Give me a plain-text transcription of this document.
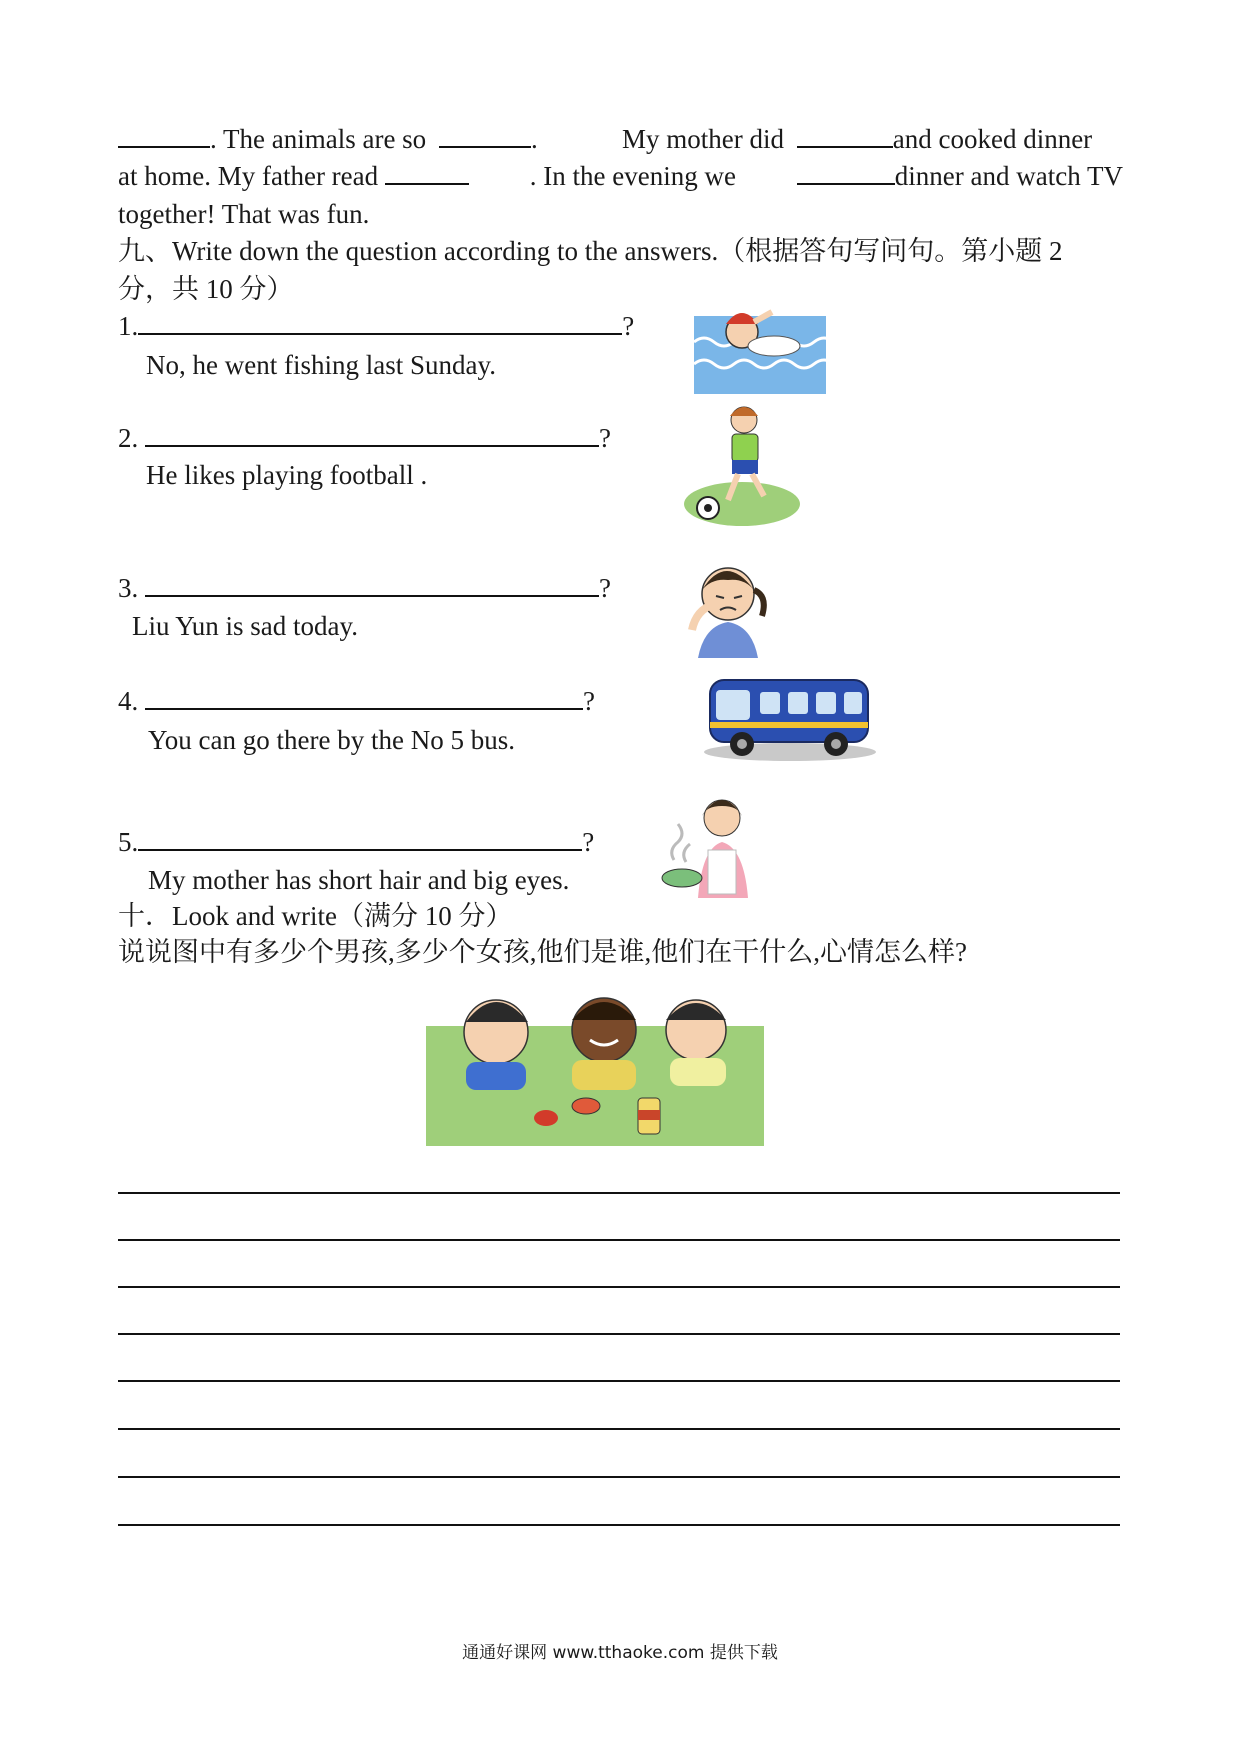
. The animals are so	.	My mother did	and cooked dinner
at home. My father read	. In the evening we	dinner and watch TV
together! That was fun.
九、Write down the question according to the answers.（根据答句写问句。第小题 2
分，共 10 分）
1.	?
No, he went fishing last Sunday.
2.	?
He likes playing football .
3.	?
Liu Yun is sad today.
4.	?
You can go there by the No 5 bus.
5.	?
My mother has short hair and big eyes.
十．Look and write（满分 10 分）
说说图中有多少个男孩,多少个女孩,他们是谁,他们在干什么,心情怎么样?
通通好课网 www.tthaoke.com 提供下载
